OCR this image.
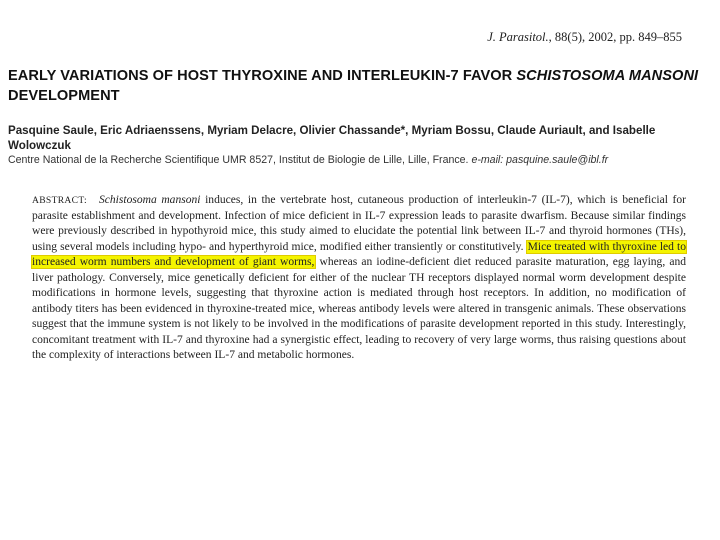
J. Parasitol., 88(5), 2002, pp. 849–855
EARLY VARIATIONS OF HOST THYROXINE AND INTERLEUKIN-7 FAVOR SCHISTOSOMA MANSONI DEVELOPMENT
Pasquine Saule, Eric Adriaenssens, Myriam Delacre, Olivier Chassande*, Myriam Bossu, Claude Auriault, and Isabelle Wolowczuk
Centre National de la Recherche Scientifique UMR 8527, Institut de Biologie de Lille, Lille, France. e-mail: pasquine.saule@ibl.fr
ABSTRACT: Schistosoma mansoni induces, in the vertebrate host, cutaneous production of interleukin-7 (IL-7), which is beneficial for parasite establishment and development. Infection of mice deficient in IL-7 expression leads to parasite dwarfism. Because similar findings were previously described in hypothyroid mice, this study aimed to elucidate the potential link between IL-7 and thyroid hormones (THs), using several models including hypo- and hyperthyroid mice, modified either transiently or constitutively. Mice treated with thyroxine led to increased worm numbers and development of giant worms, whereas an iodine-deficient diet reduced parasite maturation, egg laying, and liver pathology. Conversely, mice genetically deficient for either of the nuclear TH receptors displayed normal worm development despite modifications in hormone levels, suggesting that thyroxine action is mediated through host receptors. In addition, no modification of antibody titers has been evidenced in thyroxine-treated mice, whereas antibody levels were altered in transgenic animals. These observations suggest that the immune system is not likely to be involved in the modifications of parasite development reported in this study. Interestingly, concomitant treatment with IL-7 and thyroxine had a synergistic effect, leading to recovery of very large worms, thus raising questions about the complexity of interactions between IL-7 and metabolic hormones.
